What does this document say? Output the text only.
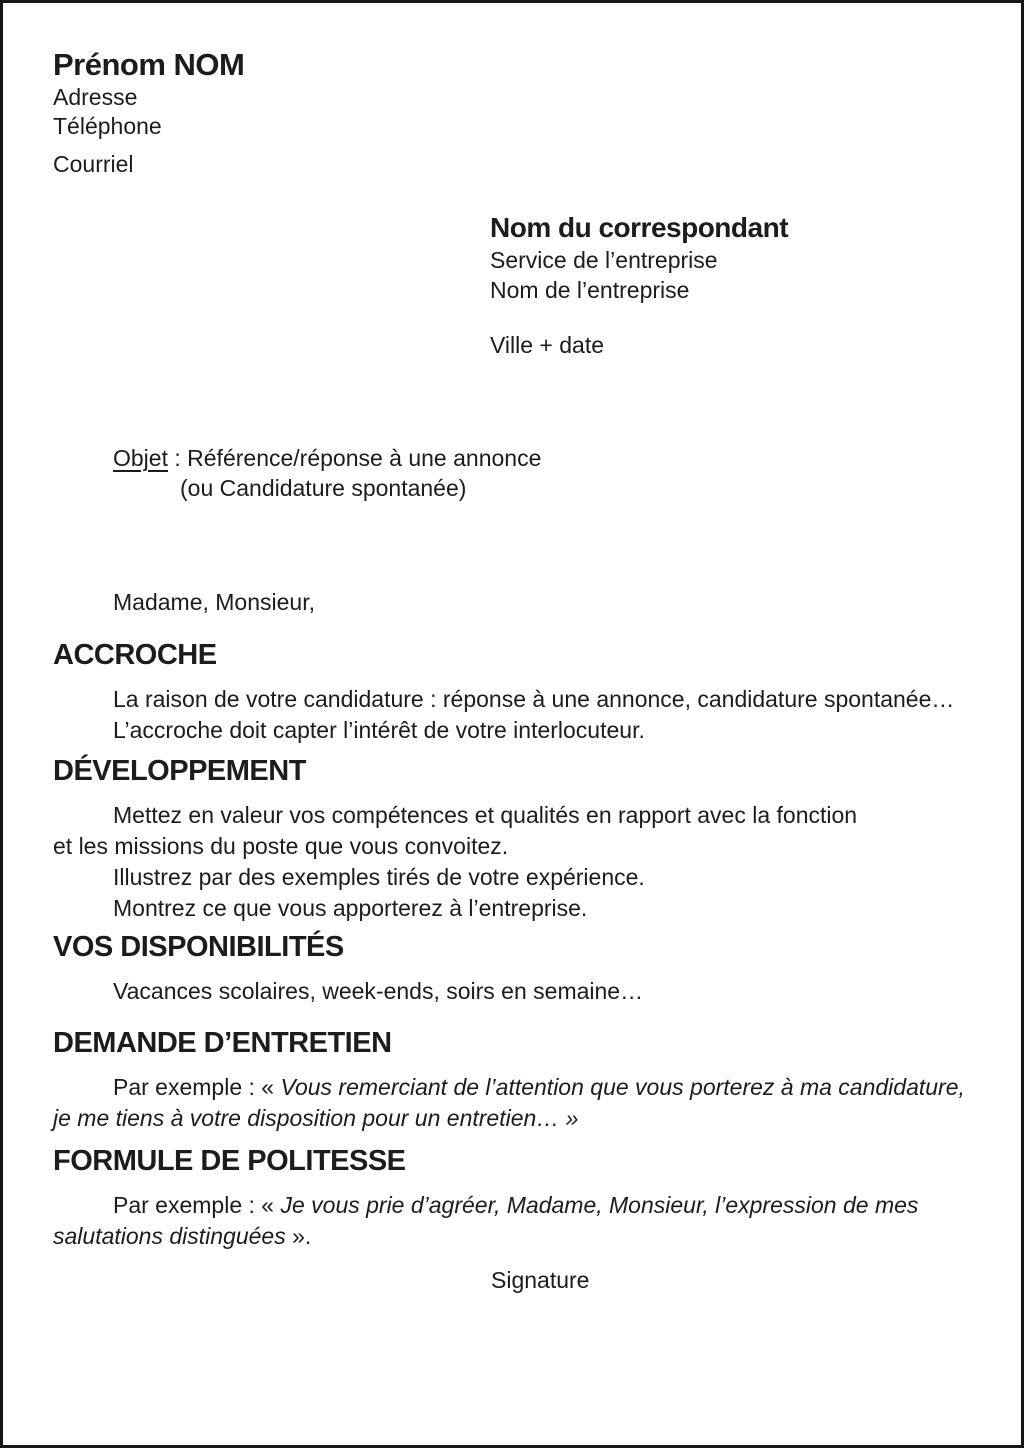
Prénom NOM
Adresse
Téléphone
Courriel
Nom du correspondant
Service de l’entreprise
Nom de l’entreprise
Ville + date
Objet : Référence/réponse à une annonce
(ou Candidature spontanée)
Madame, Monsieur,
ACCROCHE
La raison de votre candidature : réponse à une annonce, candidature spontanée…
L’accroche doit capter l’intérêt de votre interlocuteur.
DÉVELOPPEMENT
Mettez en valeur vos compétences et qualités en rapport avec la fonction
et les missions du poste que vous convoitez.
Illustrez par des exemples tirés de votre expérience.
Montrez ce que vous apporterez à l’entreprise.
VOS DISPONIBILITÉS
Vacances scolaires, week-ends, soirs en semaine…
DEMANDE D’ENTRETIEN
Par exemple : « Vous remerciant de l’attention que vous porterez à ma candidature,
je me tiens à votre disposition pour un entretien… »
FORMULE DE POLITESSE
Par exemple : « Je vous prie d’agréer, Madame, Monsieur, l’expression de mes
salutations distinguées ».
Signature
